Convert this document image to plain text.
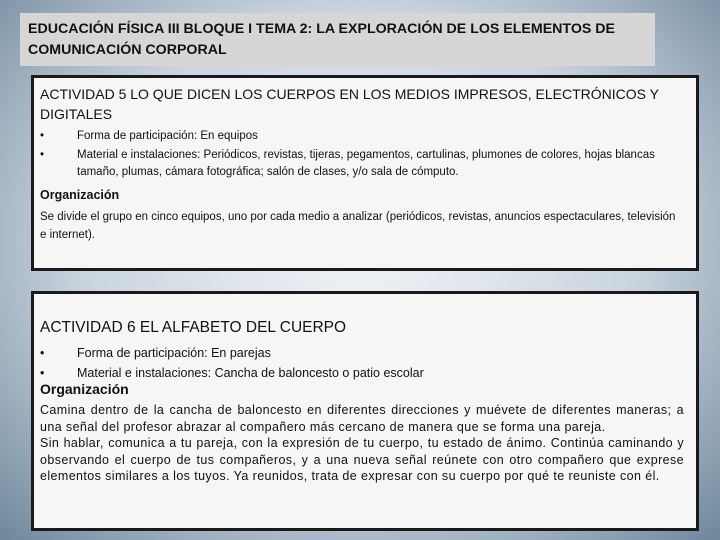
EDUCACIÓN FÍSICA III BLOQUE I TEMA 2: LA EXPLORACIÓN DE LOS ELEMENTOS DE COMUNICACIÓN CORPORAL
ACTIVIDAD 5 LO QUE DICEN LOS CUERPOS EN LOS MEDIOS IMPRESOS, ELECTRÓNICOS Y DIGITALES
•	Forma de participación: En equipos
•	Material e instalaciones: Periódicos, revistas, tijeras, pegamentos, cartulinas, plumones de colores, hojas blancas tamaño, plumas, cámara fotográfica; salón de clases, y/o sala de cómputo.
Organización
Se divide el grupo en cinco equipos, uno por cada medio a analizar (periódicos, revistas, anuncios espectaculares, televisión e internet).
ACTIVIDAD 6 EL ALFABETO DEL CUERPO
•	Forma de participación: En parejas
•	Material e instalaciones: Cancha de baloncesto o patio escolar
Organización

Camina dentro de la cancha de baloncesto en diferentes direcciones y muévete de diferentes maneras; a una señal del profesor abrazar al compañero más cercano de manera que se forma una pareja.

Sin hablar, comunica a tu pareja, con la expresión de tu cuerpo, tu estado de ánimo. Continúa caminando y observando el cuerpo de tus compañeros, y a una nueva señal reúnete con otro compañero que exprese elementos similares a los tuyos. Ya reunidos, trata de expresar con su cuerpo por qué te reuniste con él.
